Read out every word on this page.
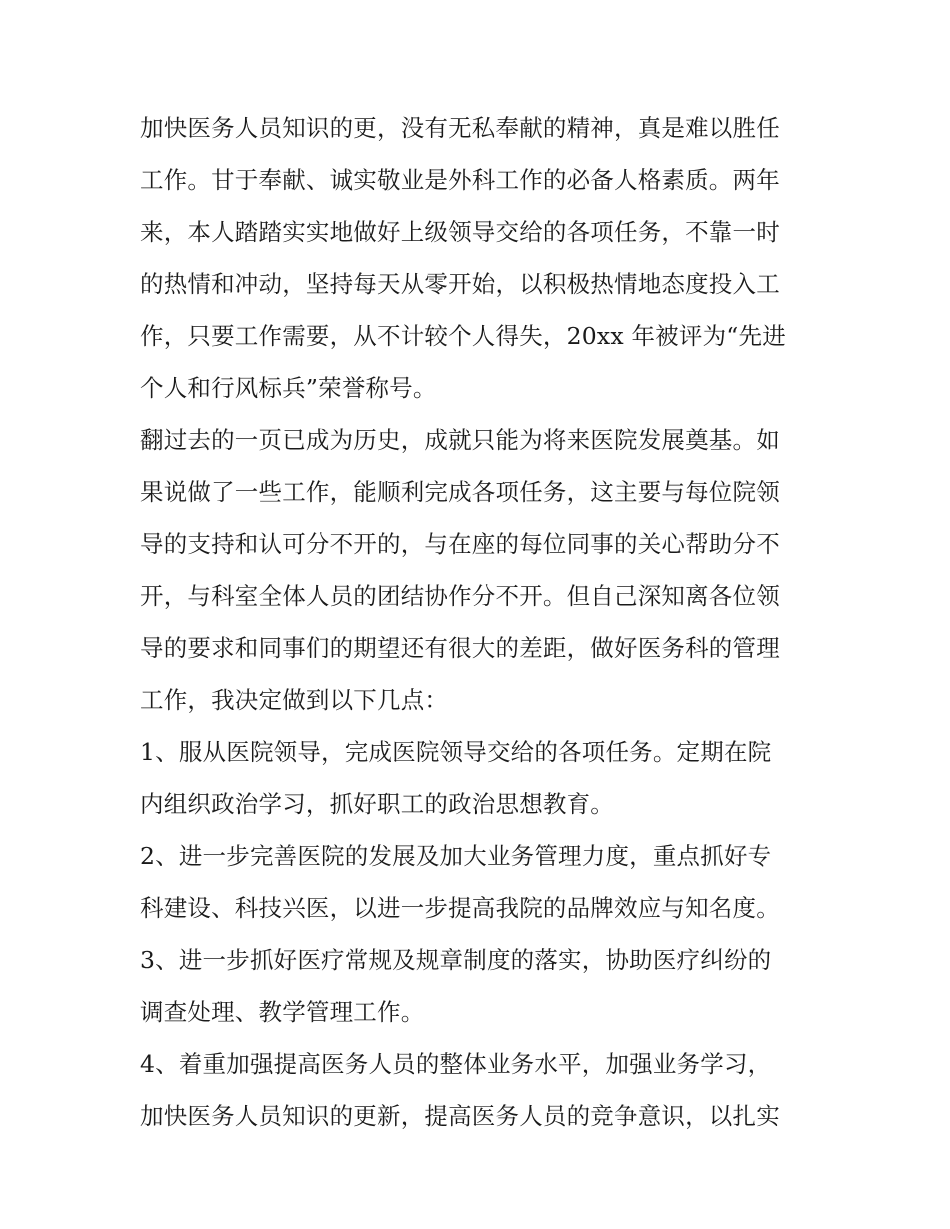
加快医务人员知识的更，没有无私奉献的精神，真是难以胜任
工作。甘于奉献、诚实敬业是外科工作的必备人格素质。两年
来，本人踏踏实实地做好上级领导交给的各项任务，不靠一时
的热情和冲动，坚持每天从零开始，以积极热情地态度投入工
作，只要工作需要，从不计较个人得失，20xx 年被评为“先进
个人和行风标兵”荣誉称号。
翻过去的一页已成为历史，成就只能为将来医院发展奠基。如
果说做了一些工作，能顺利完成各项任务，这主要与每位院领
导的支持和认可分不开的，与在座的每位同事的关心帮助分不
开，与科室全体人员的团结协作分不开。但自己深知离各位领
导的要求和同事们的期望还有很大的差距，做好医务科的管理
工作，我决定做到以下几点：
1、服从医院领导，完成医院领导交给的各项任务。定期在院
内组织政治学习，抓好职工的政治思想教育。
2、进一步完善医院的发展及加大业务管理力度，重点抓好专
科建设、科技兴医，以进一步提高我院的品牌效应与知名度。
3、进一步抓好医疗常规及规章制度的落实，协助医疗纠纷的
调查处理、教学管理工作。
4、着重加强提高医务人员的整体业务水平，加强业务学习，
加快医务人员知识的更新，提高医务人员的竞争意识，以扎实
